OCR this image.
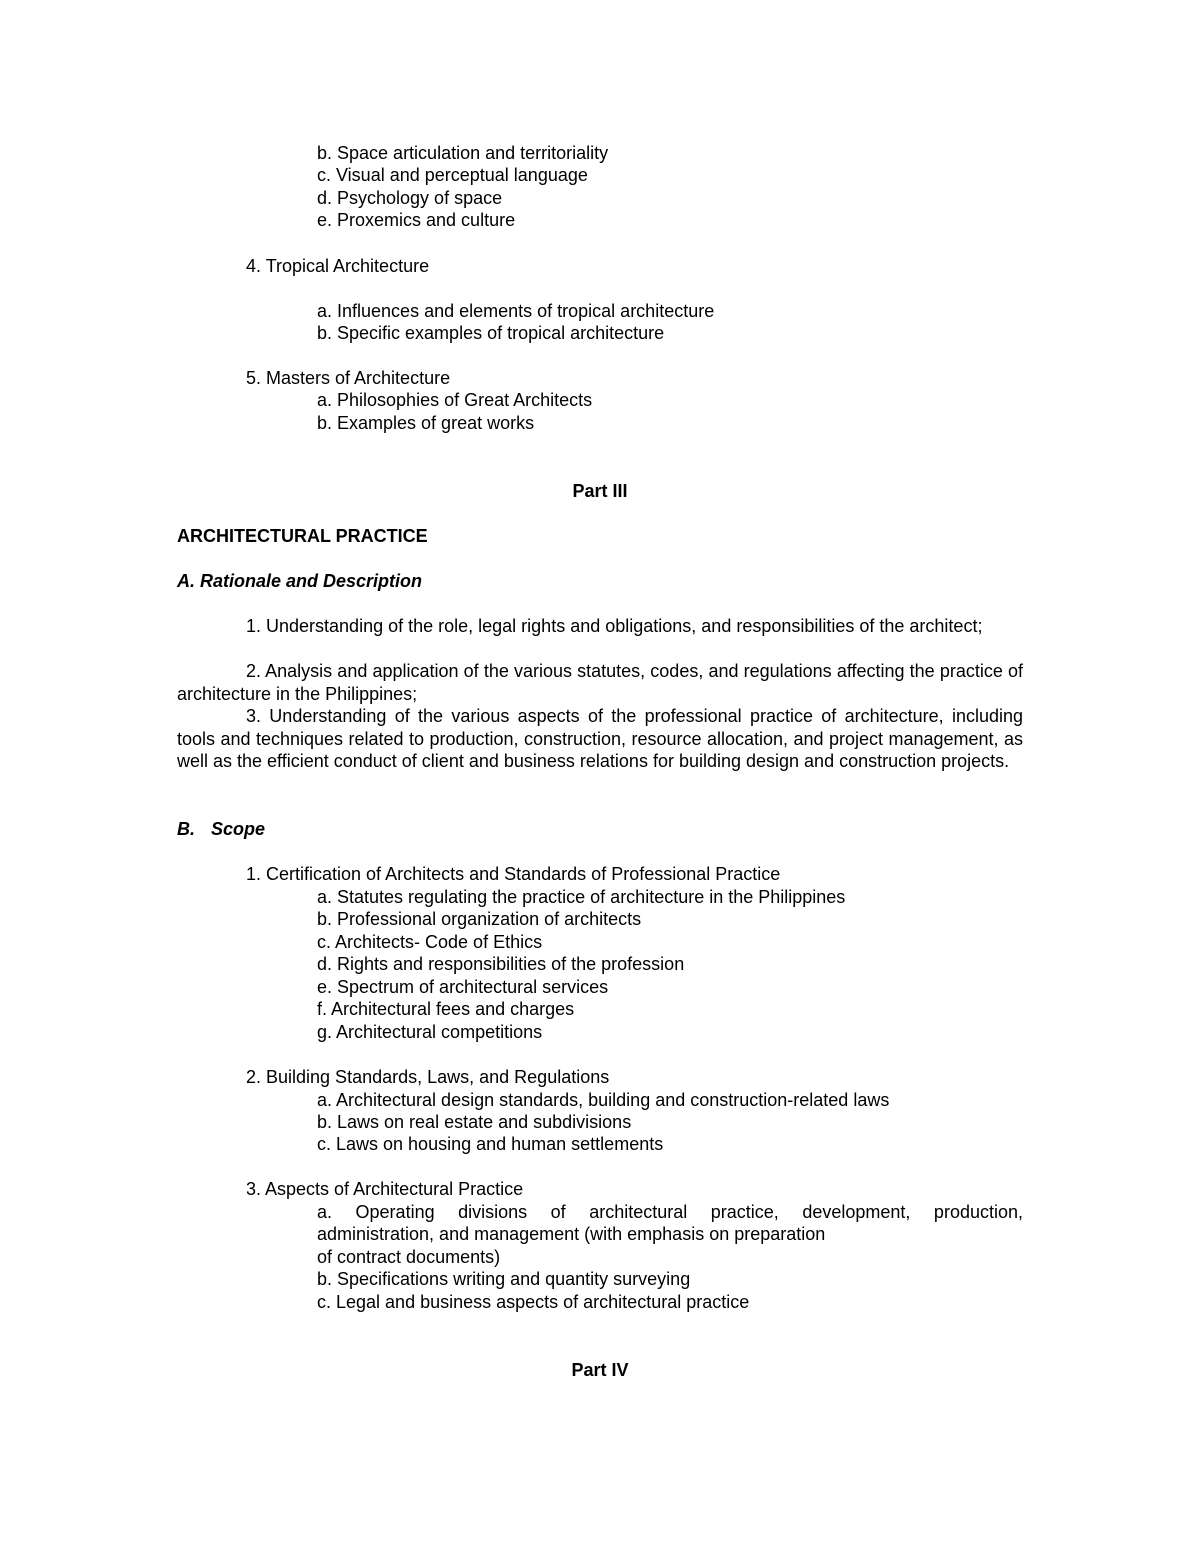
b. Space articulation and territoriality
c. Visual and perceptual language
d. Psychology of space
e. Proxemics and culture
4. Tropical Architecture
a. Influences and elements of tropical architecture
b. Specific examples of tropical architecture
5. Masters of Architecture
a. Philosophies of Great Architects
b. Examples of great works
Part III
ARCHITECTURAL PRACTICE
A. Rationale and Description
1. Understanding of the role, legal rights and obligations, and responsibilities of the architect;
2. Analysis and application of the various statutes, codes, and regulations affecting the practice of architecture in the Philippines;
3. Understanding of the various aspects of the professional practice of architecture, including tools and techniques related to production, construction, resource allocation, and project management, as well as the efficient conduct of client and business relations for building design and construction projects.
B. Scope
1. Certification of Architects and Standards of Professional Practice
a. Statutes regulating the practice of architecture in the Philippines
b. Professional organization of architects
c. Architects- Code of Ethics
d. Rights and responsibilities of the profession
e. Spectrum of architectural services
f. Architectural fees and charges
g. Architectural competitions
2. Building Standards, Laws, and Regulations
a. Architectural design standards, building and construction-related laws
b. Laws on real estate and subdivisions
c. Laws on housing and human settlements
3. Aspects of Architectural Practice
a. Operating divisions of architectural practice, development, production,
administration, and management (with emphasis on preparation
of contract documents)
b. Specifications writing and quantity surveying
c. Legal and business aspects of architectural practice
Part IV
